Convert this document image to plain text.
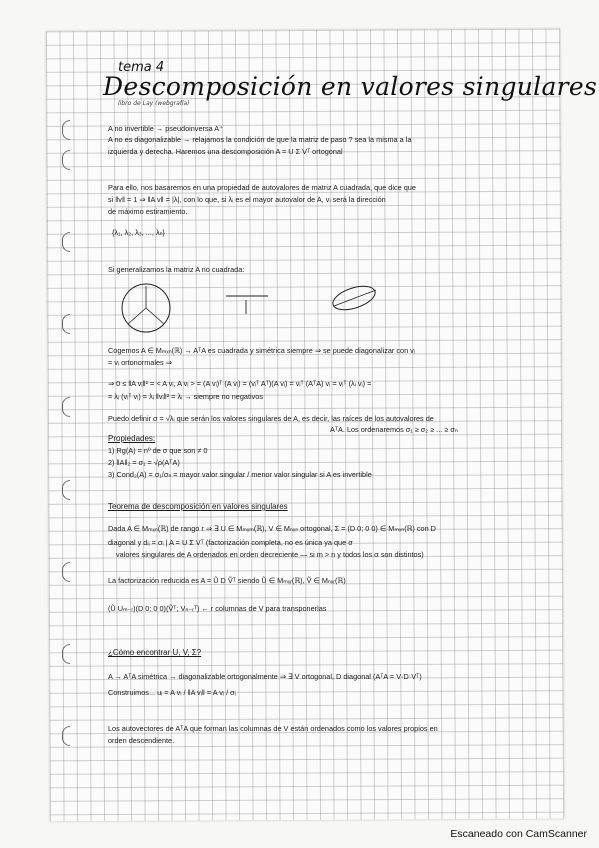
tema 4
Descomposición en valores singulares
libro de Lay (webgrafía)
A no invertible → pseudoinversa A⁺
A no es diagonalizable → relajamos la condición de que la matriz de paso ? sea la misma a la
izquierda y derecha. Haremos una descomposición A = U Σ Vᵀ ortogonal
Para ello, nos basaremos en una propiedad de autovalores de matriz A cuadrada, que dice que
si ‖v‖ = 1 ⇒ ‖A v‖ = |λ|, con lo que, si λᵢ es el mayor autovalor de A, vᵢ será la dirección
de máximo estiramiento.
{λ₁, λ₂, λ₃, ..., λₙ}
Si generalizamos la matriz A no cuadrada:
Cogemos A ∈ Mₘₓₙ(ℝ) → AᵀA es cuadrada y simétrica siempre ⇒ se puede diagonalizar con vᵢ
= vᵢ ortonormales ⇒
⇒ 0 ≤ ‖A vᵢ‖² = < A vᵢ, A vᵢ > = (A vᵢ)ᵀ (A vᵢ) = (vᵢᵀ Aᵀ)(A vᵢ) = vᵢᵀ (AᵀA) vᵢ = vᵢᵀ (λᵢ vᵢ) =
= λᵢ (vᵢᵀ vᵢ) = λᵢ ‖vᵢ‖² = λᵢ → siempre no negativos
Puedo definir σ = √λᵢ que serán los valores singulares de A, es decir, las raíces de los autovalores de
AᵀA. Los ordenaremos σ₁ ≥ σ₂ ≥ ... ≥ σₙ
Propiedades:
1) Rg(A) = nº de σ que son ≠ 0
2) ‖A‖₂ = σ₁ = √ρ(AᵀA)
3) Cond₂(A) = σ₁/σₙ = mayor valor singular / menor valor singular si A es invertible
Teorema de descomposición en valores singulares
Dada A ∈ Mₘₓₙ(ℝ) de rango r ⇒ ∃ U ∈ Mₘₓₘ(ℝ), V ∈ Mₙₓₙ ortogonal, Σ = (D 0; 0 0) ∈ Mₘₓₙ(ℝ) con D
diagonal y dᵢᵢ = σᵢ | A = U Σ Vᵀ (factorización completa, no es única ya que σ
valores singulares de A ordenados en orden decreciente — si m > n y todos los σ son distintos)
La factorización reducida es A = Ũ D Ṽᵀ siendo Ũ ∈ Mₘₓᵣ(ℝ), Ṽ ∈ Mₙₓᵣ(ℝ)
(Ũ Uₘ₋ᵣ)(D 0; 0 0)(Ṽᵀ; Vₙ₋ᵣᵀ) ← r columnas de V para transponerlas
¿Cómo encontrar U, V, Σ?
A → AᵀA simétrica → diagonalizable ortogonalmente ⇒ ∃ V ortogonal, D diagonal (AᵀA = V·D·Vᵀ)
Construimos... uᵢ = A vᵢ / ‖A vᵢ‖ = A vᵢ / σᵢ
Los autovectores de AᵀA que forman las columnas de V están ordenados como los valores propios en
orden descendiente.
Escaneado con CamScanner
